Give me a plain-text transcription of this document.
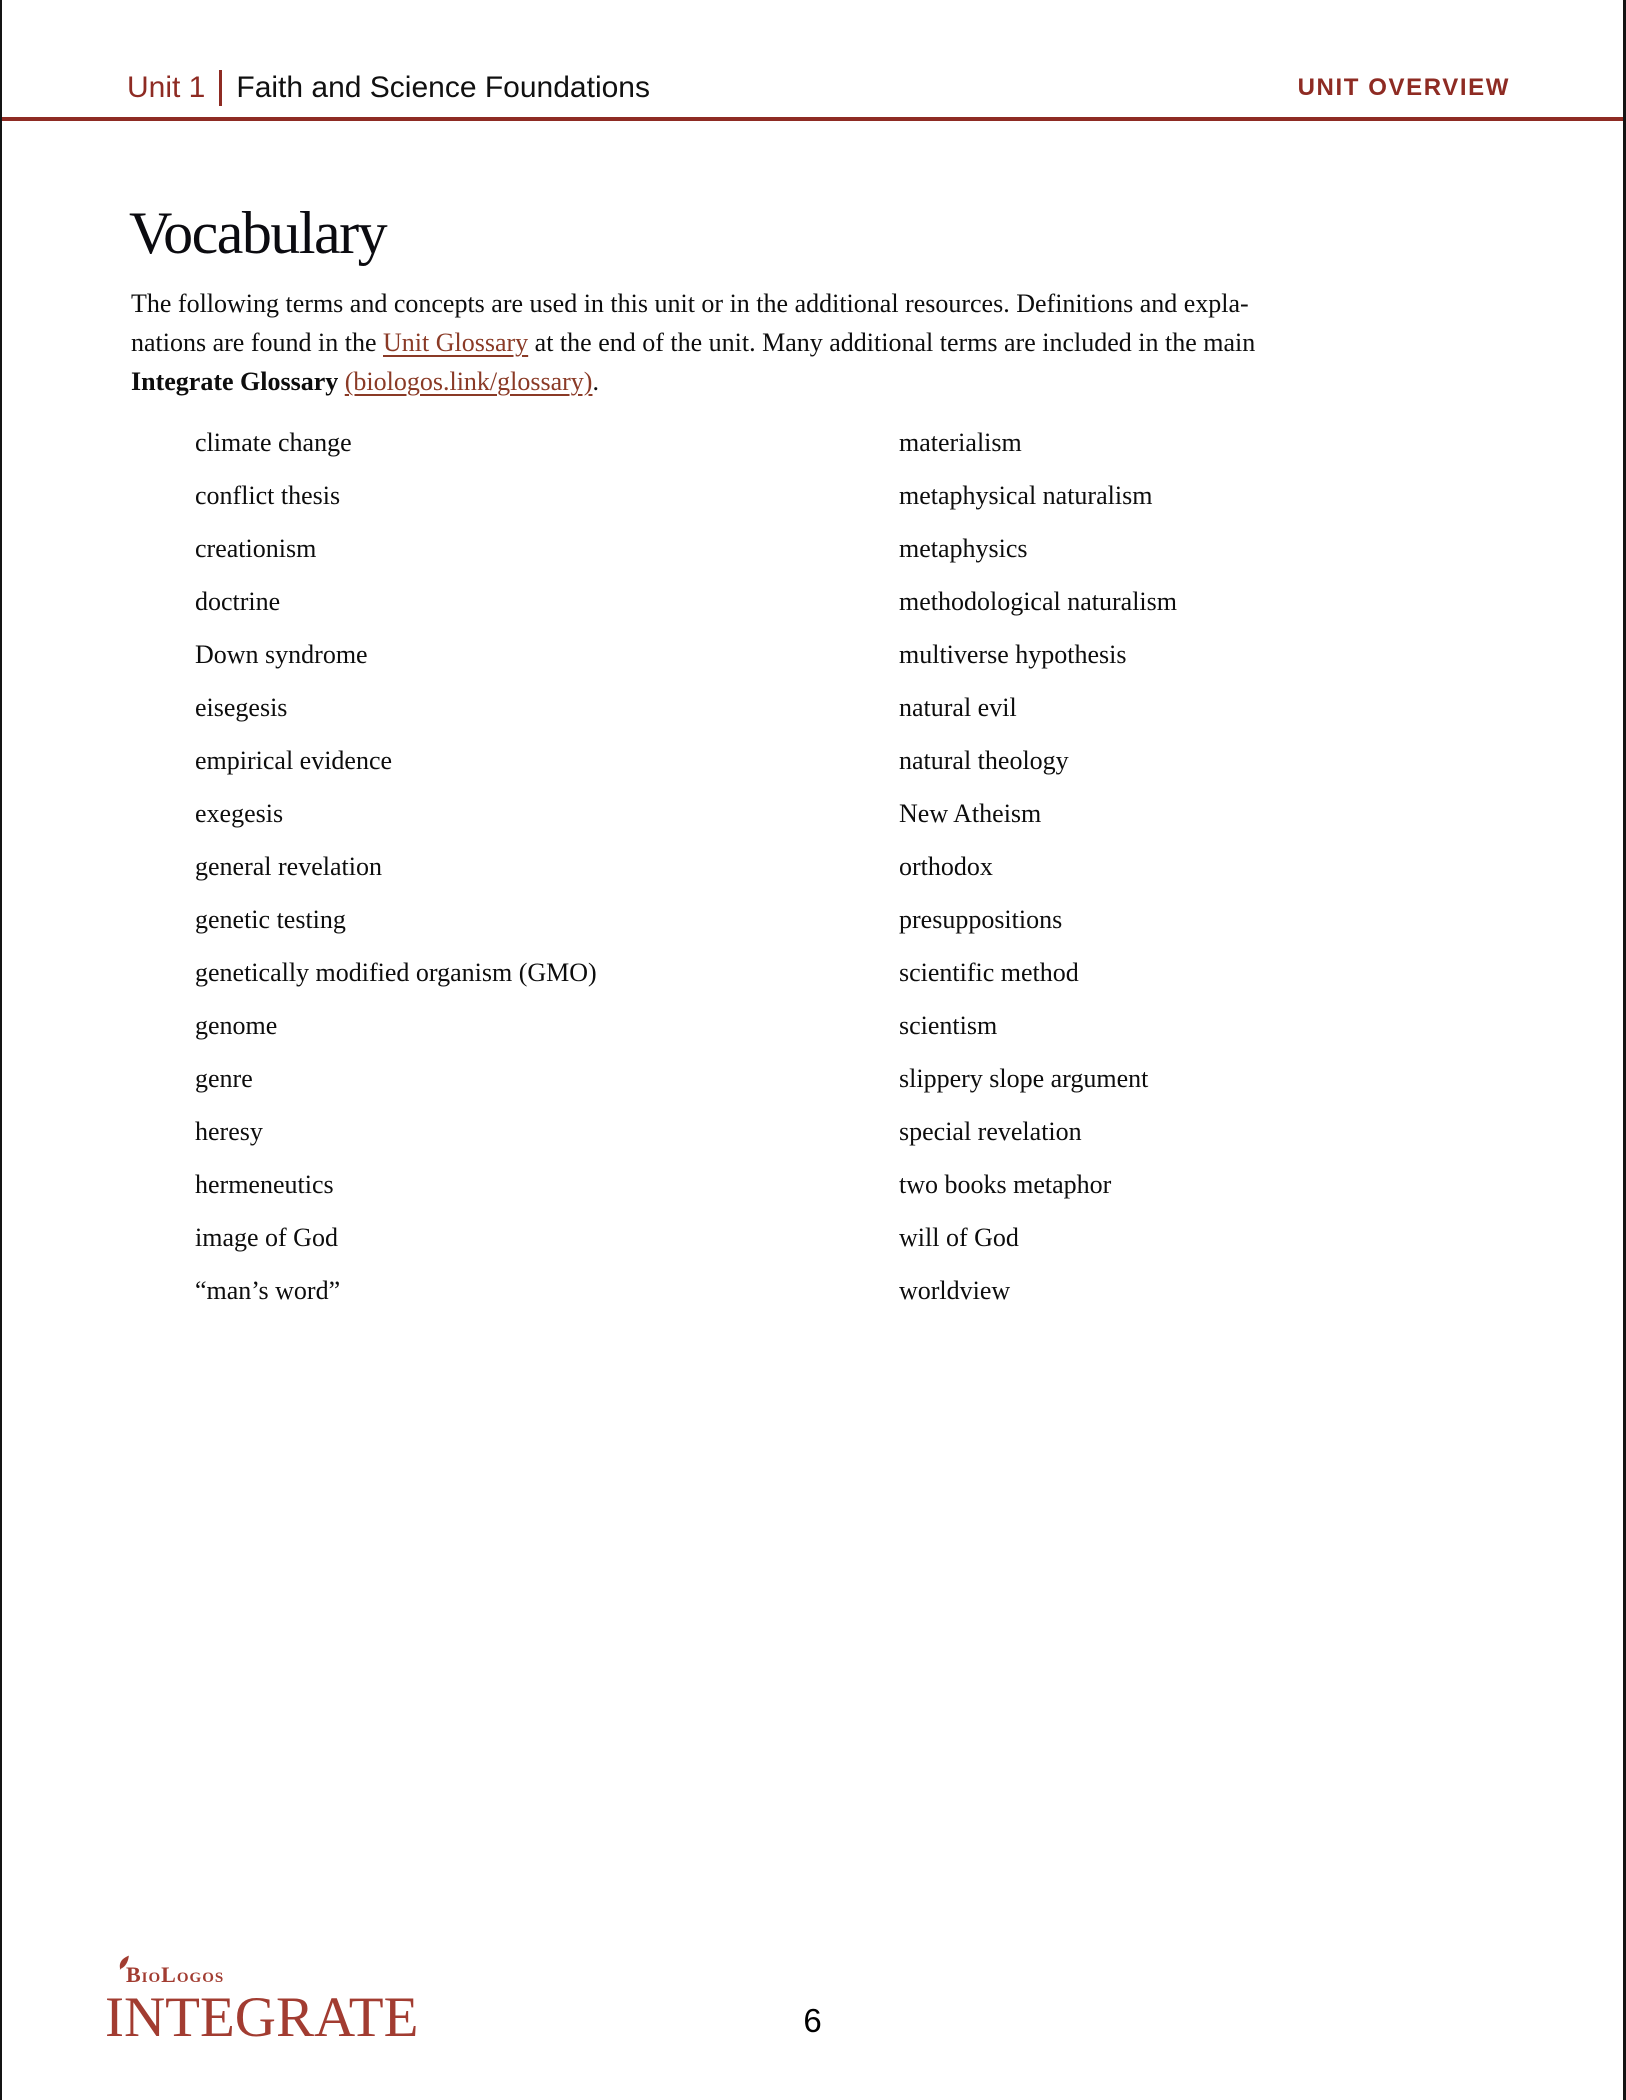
Unit 1 Faith and Science Foundations	UNIT OVERVIEW
Vocabulary
The following terms and concepts are used in this unit or in the additional resources. Definitions and expla-
nations are found in the Unit Glossary at the end of the unit. Many additional terms are included in the main
Integrate Glossary (biologos.link/glossary).
climate change
conflict thesis
creationism
doctrine
Down syndrome
eisegesis
empirical evidence
exegesis
general revelation
genetic testing
genetically modified organism (GMO)
genome
genre
heresy
hermeneutics
image of God
“man’s word”
materialism
metaphysical naturalism
metaphysics
methodological naturalism
multiverse hypothesis
natural evil
natural theology
New Atheism
orthodox
presuppositions
scientific method
scientism
slippery slope argument
special revelation
two books metaphor
will of God
worldview
BioLogos
INTEGRATE	6
